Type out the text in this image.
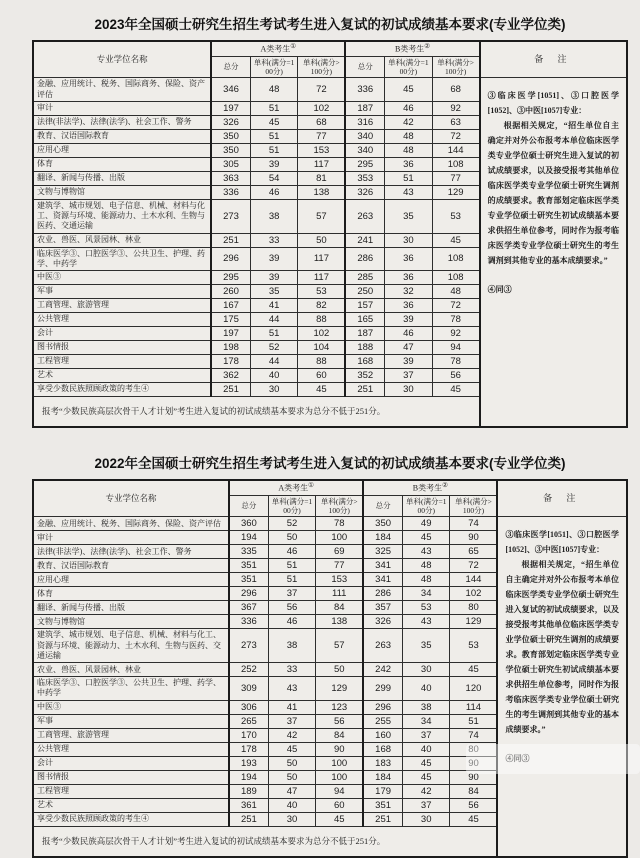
2023年全国硕士研究生招生考试考生进入复试的初试成绩基本要求(专业学位类)
专业学位名称	A类考生①			B类考生②			备 注
	总分	单科(满分=100分)	单科(满分>100分)	总分	单科(满分=100分)	单科(满分>100分)	
金融、应用统计、税务、国际商务、保险、资产评估	346	48	72	336	45	68	③临床医学[1051]、③口腔医学[1052]、③中医[1057]专业：

根据相关规定，“招生单位自主确定并对外公布报考本单位临床医学类专业学位硕士研究生进入复试的初试成绩要求，以及接受报考其他单位临床医学类专业学位硕士研究生调剂的成绩要求。教育部划定临床医学类专业学位硕士研究生初试成绩基本要求供招生单位参考，同时作为报考临床医学类专业学位硕士研究生的考生调剂到其他专业的基本成绩要求。”

④同③

审计	197	51	102	187	46	92	
法律(非法学)、法律(法学)、社会工作、警务	326	45	68	316	42	63	
教育、汉语国际教育	350	51	77	340	48	72	
应用心理	350	51	153	340	48	144	
体育	305	39	117	295	36	108	
翻译、新闻与传播、出版	363	54	81	353	51	77	
文物与博物馆	336	46	138	326	43	129	
建筑学、城市规划、电子信息、机械、材料与化工、资源与环境、能源动力、土木水利、生物与医药、交通运输	273	38	57	263	35	53	
农业、兽医、风景园林、林业	251	33	50	241	30	45	
临床医学③、口腔医学③、公共卫生、护理、药学、中药学	296	39	117	286	36	108	
中医③	295	39	117	285	36	108	
军事	260	35	53	250	32	48	
工商管理、旅游管理	167	41	82	157	36	72	
公共管理	175	44	88	165	39	78	
会计	197	51	102	187	46	92	
图书情报	198	52	104	188	47	94	
工程管理	178	44	88	168	39	78	
艺术	362	40	60	352	37	56	
享受少数民族照顾政策的考生④	251	30	45	251	30	45	
报考“少数民族高层次骨干人才计划”考生进入复试的初试成绩基本要求为总分不低于251分。							
2022年全国硕士研究生招生考试考生进入复试的初试成绩基本要求(专业学位类)
专业学位名称	A类考生①			B类考生②			备 注
	总分	单科(满分=100分)	单科(满分>100分)	总分	单科(满分=100分)	单科(满分>100分)	
金融、应用统计、税务、国际商务、保险、资产评估	360	52	78	350	49	74	③临床医学[1051]、③口腔医学[1052]、③中医[1057]专业：

根据相关规定，“招生单位自主确定并对外公布报考本单位临床医学类专业学位硕士研究生进入复试的初试成绩要求，以及接受报考其他单位临床医学类专业学位硕士研究生调剂的成绩要求。教育部划定临床医学类专业学位硕士研究生初试成绩基本要求供招生单位参考，同时作为报考临床医学类专业学位硕士研究生的考生调剂到其他专业的基本成绩要求。”

④同③

审计	194	50	100	184	45	90	
法律(非法学)、法律(法学)、社会工作、警务	335	46	69	325	43	65	
教育、汉语国际教育	351	51	77	341	48	72	
应用心理	351	51	153	341	48	144	
体育	296	37	111	286	34	102	
翻译、新闻与传播、出版	367	56	84	357	53	80	
文物与博物馆	336	46	138	326	43	129	
建筑学、城市规划、电子信息、机械、材料与化工、资源与环境、能源动力、土木水利、生物与医药、交通运输	273	38	57	263	35	53	
农业、兽医、风景园林、林业	252	33	50	242	30	45	
临床医学③、口腔医学③、公共卫生、护理、药学、中药学	309	43	129	299	40	120	
中医③	306	41	123	296	38	114	
军事	265	37	56	255	34	51	
工商管理、旅游管理	170	42	84	160	37	74	
公共管理	178	45	90	168	40	80	
会计	193	50	100	183	45	90	
图书情报	194	50	100	184	45	90	
工程管理	189	47	94	179	42	84	
艺术	361	40	60	351	37	56	
享受少数民族照顾政策的考生④	251	30	45	251	30	45	
报考“少数民族高层次骨干人才计划”考生进入复试的初试成绩基本要求为总分不低于251分。							
